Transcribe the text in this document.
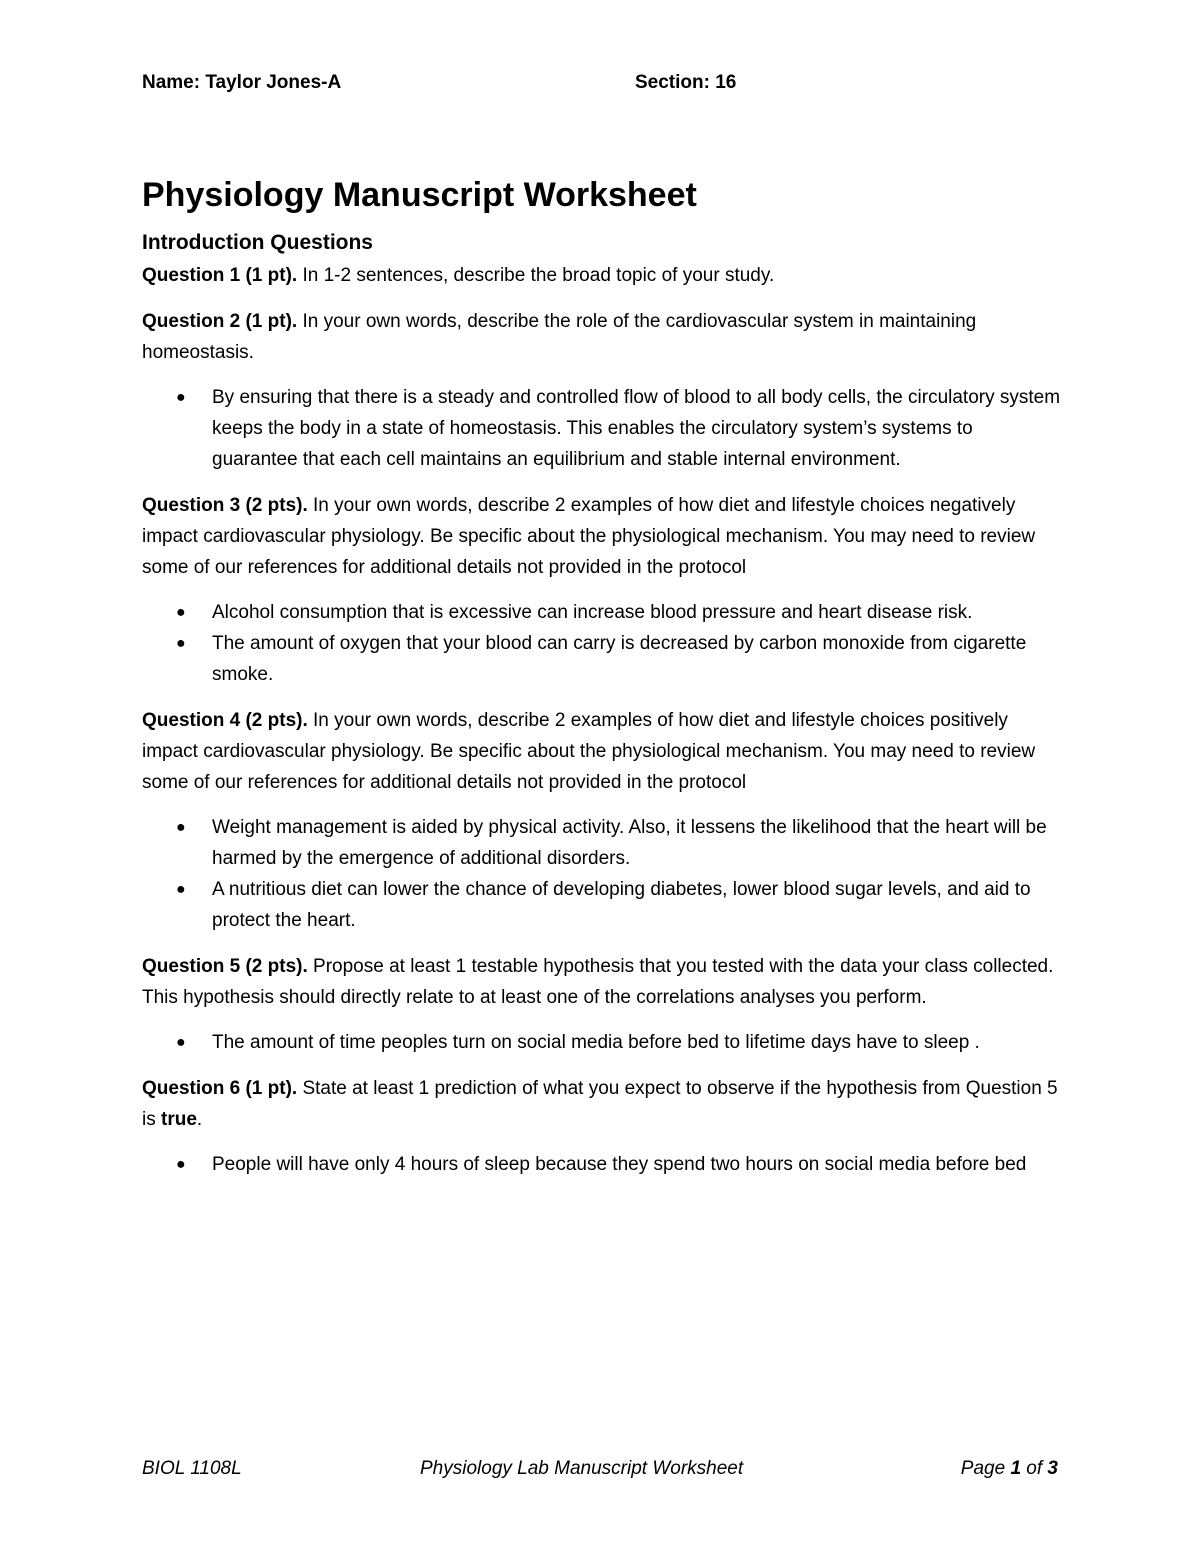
Name: Taylor Jones-A	Section: 16
Physiology Manuscript Worksheet
Introduction Questions

Question 1 (1 pt). In 1-2 sentences, describe the broad topic of your study.

Question 2 (1 pt). In your own words, describe the role of the cardiovascular system in maintaining homeostasis.

● By ensuring that there is a steady and controlled flow of blood to all body cells, the circulatory system keeps the body in a state of homeostasis. This enables the circulatory system’s systems to guarantee that each cell maintains an equilibrium and stable internal environment.

Question 3 (2 pts). In your own words, describe 2 examples of how diet and lifestyle choices negatively impact cardiovascular physiology. Be specific about the physiological mechanism. You may need to review some of our references for additional details not provided in the protocol

● Alcohol consumption that is excessive can increase blood pressure and heart disease risk.
● The amount of oxygen that your blood can carry is decreased by carbon monoxide from cigarette smoke.

Question 4 (2 pts). In your own words, describe 2 examples of how diet and lifestyle choices positively impact cardiovascular physiology. Be specific about the physiological mechanism. You may need to review some of our references for additional details not provided in the protocol

● Weight management is aided by physical activity. Also, it lessens the likelihood that the heart will be harmed by the emergence of additional disorders.
● A nutritious diet can lower the chance of developing diabetes, lower blood sugar levels, and aid to protect the heart.

Question 5 (2 pts). Propose at least 1 testable hypothesis that you tested with the data your class collected. This hypothesis should directly relate to at least one of the correlations analyses you perform.

● The amount of time peoples turn on social media before bed to lifetime days have to sleep .

Question 6 (1 pt). State at least 1 prediction of what you expect to observe if the hypothesis from Question 5 is true.

● People will have only 4 hours of sleep because they spend two hours on social media before bed
BIOL 1108L	Physiology Lab Manuscript Worksheet	Page 1 of 3
